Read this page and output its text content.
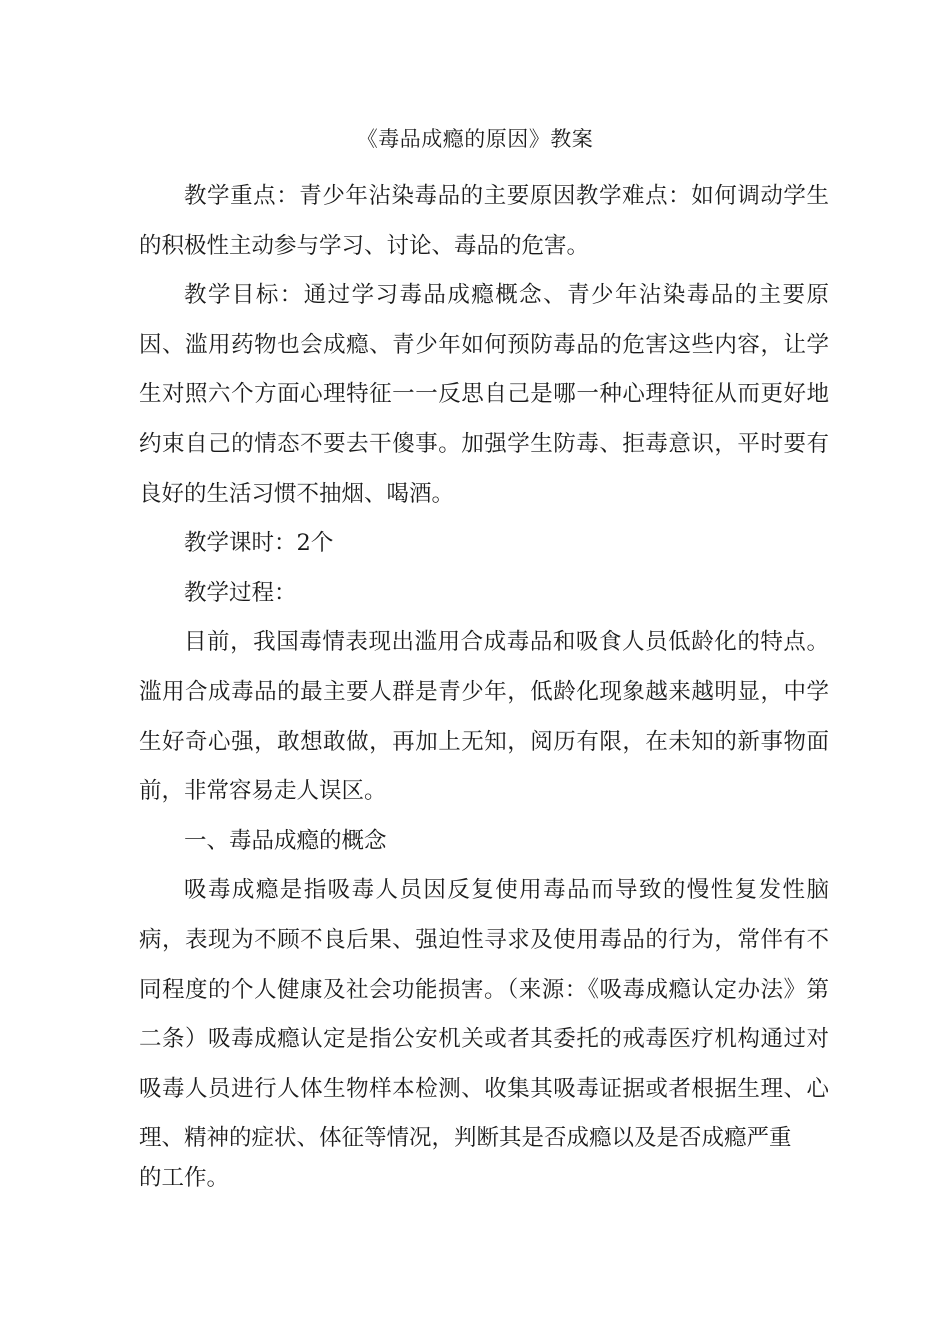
《毒品成瘾的原因》教案

教学重点：青少年沾染毒品的主要原因教学难点：如何调动学生的积极性主动参与学习、讨论、毒品的危害。

教学目标：通过学习毒品成瘾概念、青少年沾染毒品的主要原因、滥用药物也会成瘾、青少年如何预防毒品的危害这些内容，让学生对照六个方面心理特征一一反思自己是哪一种心理特征从而更好地约束自己的情态不要去干傻事。加强学生防毒、拒毒意识，平时要有良好的生活习惯不抽烟、喝酒。

教学课时：2个

教学过程：

目前，我国毒情表现出滥用合成毒品和吸食人员低龄化的特点。滥用合成毒品的最主要人群是青少年，低龄化现象越来越明显，中学生好奇心强，敢想敢做，再加上无知，阅历有限，在未知的新事物面前，非常容易走人误区。

一、毒品成瘾的概念

吸毒成瘾是指吸毒人员因反复使用毒品而导致的慢性复发性脑病，表现为不顾不良后果、强迫性寻求及使用毒品的行为，常伴有不同程度的个人健康及社会功能损害。（来源：《吸毒成瘾认定办法》第二条）吸毒成瘾认定是指公安机关或者其委托的戒毒医疗机构通过对吸毒人员进行人体生物样本检测、收集其吸毒证据或者根据生理、心理、精神的症状、体征等情况，判断其是否成瘾以及是否成瘾严重

的工作。
